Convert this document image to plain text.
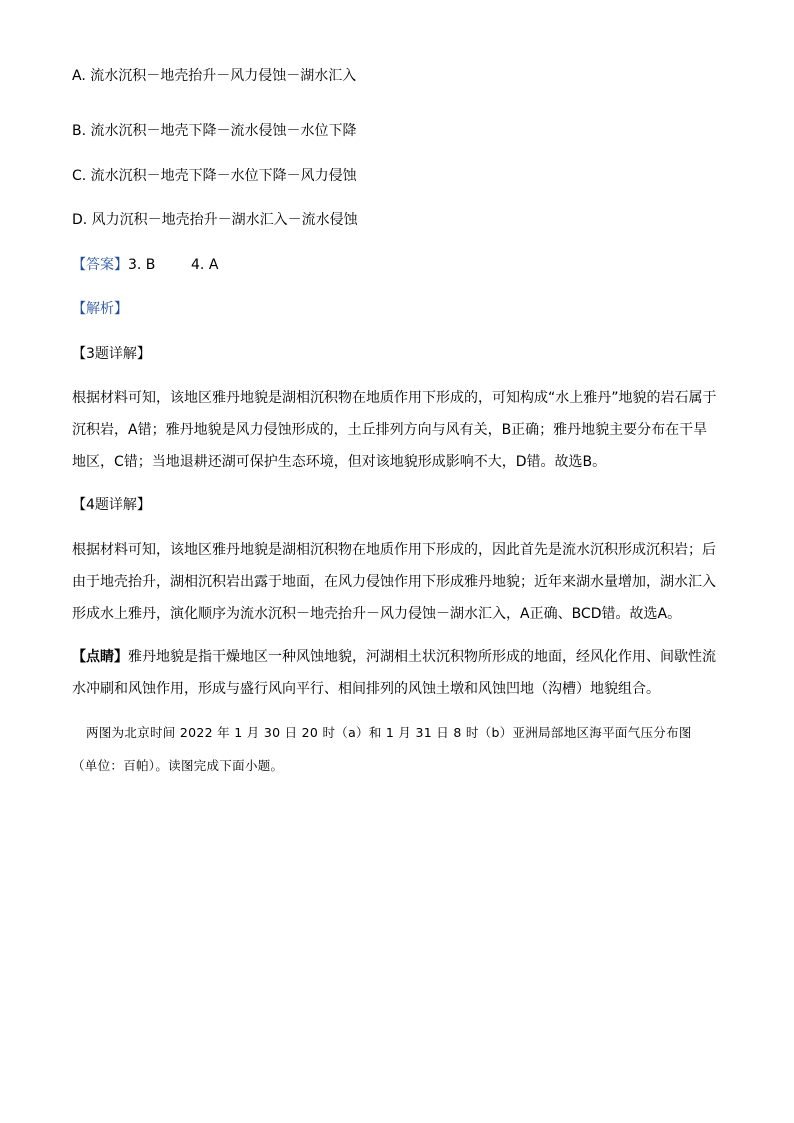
A. 流水沉积－地壳抬升－风力侵蚀－湖水汇入
B. 流水沉积－地壳下降－流水侵蚀－水位下降
C. 流水沉积－地壳下降－水位下降－风力侵蚀
D. 风力沉积－地壳抬升－湖水汇入－流水侵蚀
【答案】3. B        4. A
【解析】
【3题详解】
根据材料可知，该地区雅丹地貌是湖相沉积物在地质作用下形成的，可知构成“水上雅丹”地貌的岩石属于
沉积岩，A错；雅丹地貌是风力侵蚀形成的，土丘排列方向与风有关，B正确；雅丹地貌主要分布在干旱
地区，C错；当地退耕还湖可保护生态环境，但对该地貌形成影响不大，D错。故选B。
【4题详解】
根据材料可知，该地区雅丹地貌是湖相沉积物在地质作用下形成的，因此首先是流水沉积形成沉积岩；后
由于地壳抬升，湖相沉积岩出露于地面，在风力侵蚀作用下形成雅丹地貌；近年来湖水量增加，湖水汇入
形成水上雅丹，演化顺序为流水沉积－地壳抬升－风力侵蚀－湖水汇入，A正确、BCD错。故选A。
【点睛】雅丹地貌是指干燥地区一种风蚀地貌，河湖相土状沉积物所形成的地面，经风化作用、间歇性流
水冲刷和风蚀作用，形成与盛行风向平行、相间排列的风蚀土墩和风蚀凹地（沟槽）地貌组合。
两图为北京时间 2022 年 1 月 30 日 20 时（a）和 1 月 31 日 8 时（b）亚洲局部地区海平面气压分布图
（单位：百帕）。读图完成下面小题。
